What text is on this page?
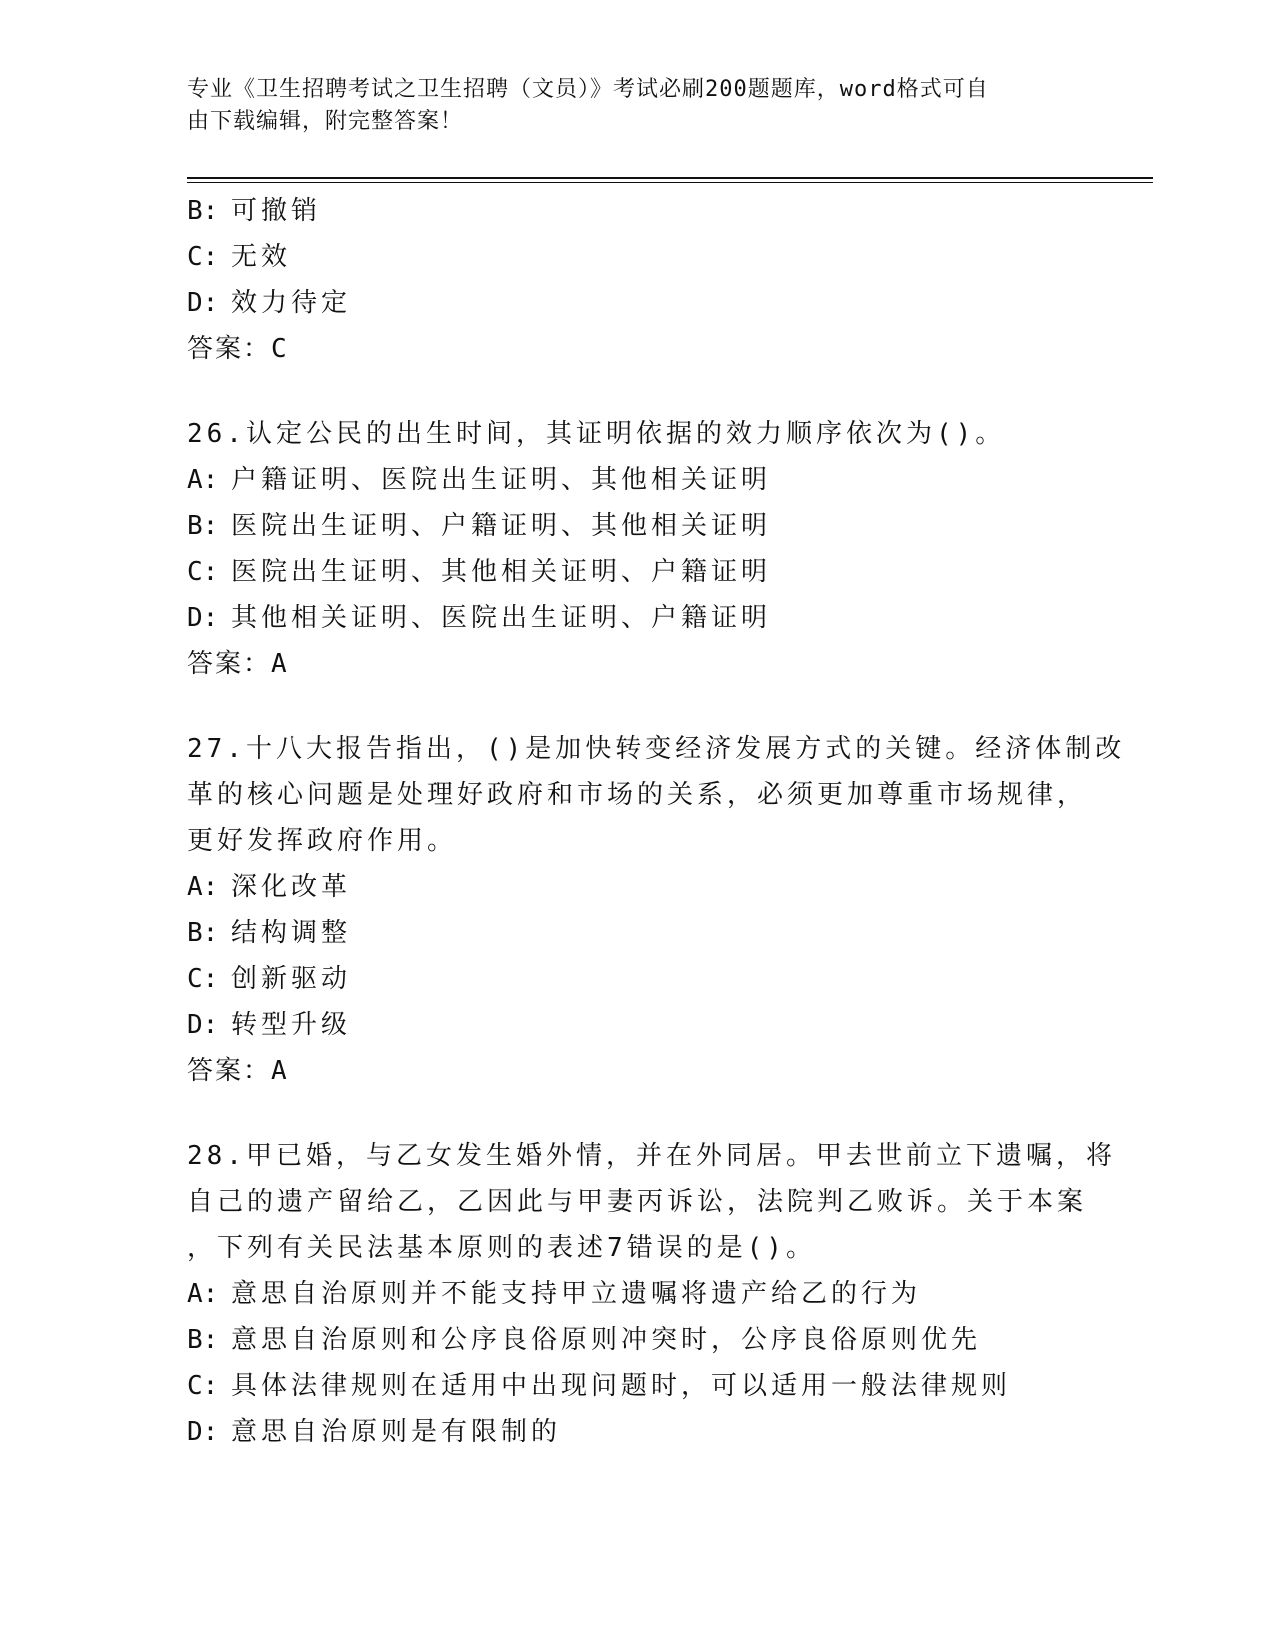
专业《卫生招聘考试之卫生招聘（文员）》考试必刷200题题库，word格式可自
由下载编辑，附完整答案！
B: 可撤销
C: 无效
D: 效力待定
答案：C
26.认定公民的出生时间，其证明依据的效力顺序依次为()。
A: 户籍证明、医院出生证明、其他相关证明
B: 医院出生证明、户籍证明、其他相关证明
C: 医院出生证明、其他相关证明、户籍证明
D: 其他相关证明、医院出生证明、户籍证明
答案：A
27.十八大报告指出，()是加快转变经济发展方式的关键。经济体制改
革的核心问题是处理好政府和市场的关系，必须更加尊重市场规律，
更好发挥政府作用。
A: 深化改革
B: 结构调整
C: 创新驱动
D: 转型升级
答案：A
28.甲已婚，与乙女发生婚外情，并在外同居。甲去世前立下遗嘱，将
自己的遗产留给乙，乙因此与甲妻丙诉讼，法院判乙败诉。关于本案
，下列有关民法基本原则的表述7错误的是()。
A: 意思自治原则并不能支持甲立遗嘱将遗产给乙的行为
B: 意思自治原则和公序良俗原则冲突时，公序良俗原则优先
C: 具体法律规则在适用中出现问题时，可以适用一般法律规则
D: 意思自治原则是有限制的
